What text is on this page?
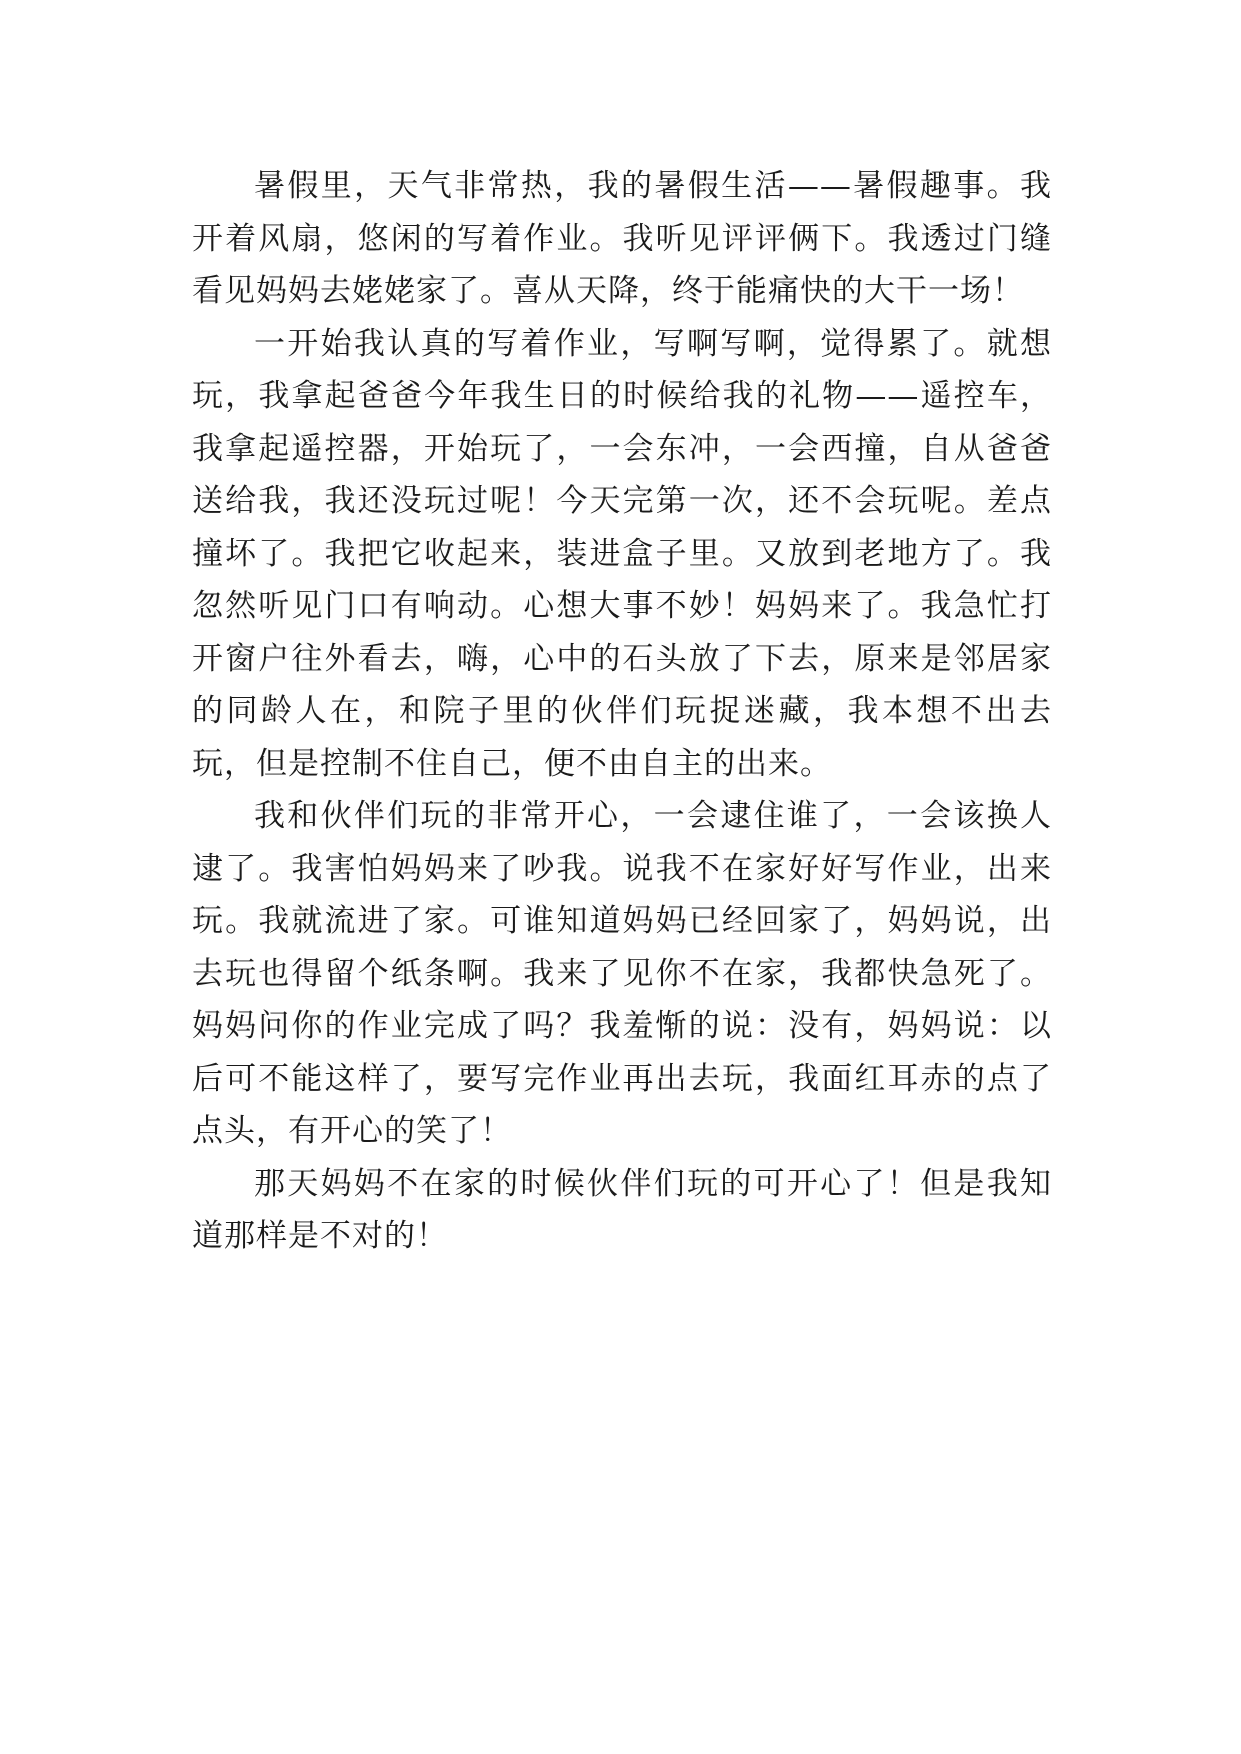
暑假里，天气非常热，我的暑假生活——暑假趣事。我开着风扇，悠闲的写着作业。我听见评评俩下。我透过门缝看见妈妈去姥姥家了。喜从天降，终于能痛快的大干一场！

一开始我认真的写着作业，写啊写啊，觉得累了。就想玩，我拿起爸爸今年我生日的时候给我的礼物——遥控车，我拿起遥控器，开始玩了，一会东冲，一会西撞，自从爸爸送给我，我还没玩过呢！今天完第一次，还不会玩呢。差点撞坏了。我把它收起来，装进盒子里。又放到老地方了。我忽然听见门口有响动。心想大事不妙！妈妈来了。我急忙打开窗户往外看去，嗨，心中的石头放了下去，原来是邻居家的同龄人在，和院子里的伙伴们玩捉迷藏，我本想不出去玩，但是控制不住自己，便不由自主的出来。

我和伙伴们玩的非常开心，一会逮住谁了，一会该换人逮了。我害怕妈妈来了吵我。说我不在家好好写作业，出来玩。我就流进了家。可谁知道妈妈已经回家了，妈妈说，出去玩也得留个纸条啊。我来了见你不在家，我都快急死了。妈妈问你的作业完成了吗？我羞惭的说：没有，妈妈说：以后可不能这样了，要写完作业再出去玩，我面红耳赤的点了点头，有开心的笑了！

那天妈妈不在家的时候伙伴们玩的可开心了！但是我知道那样是不对的！
